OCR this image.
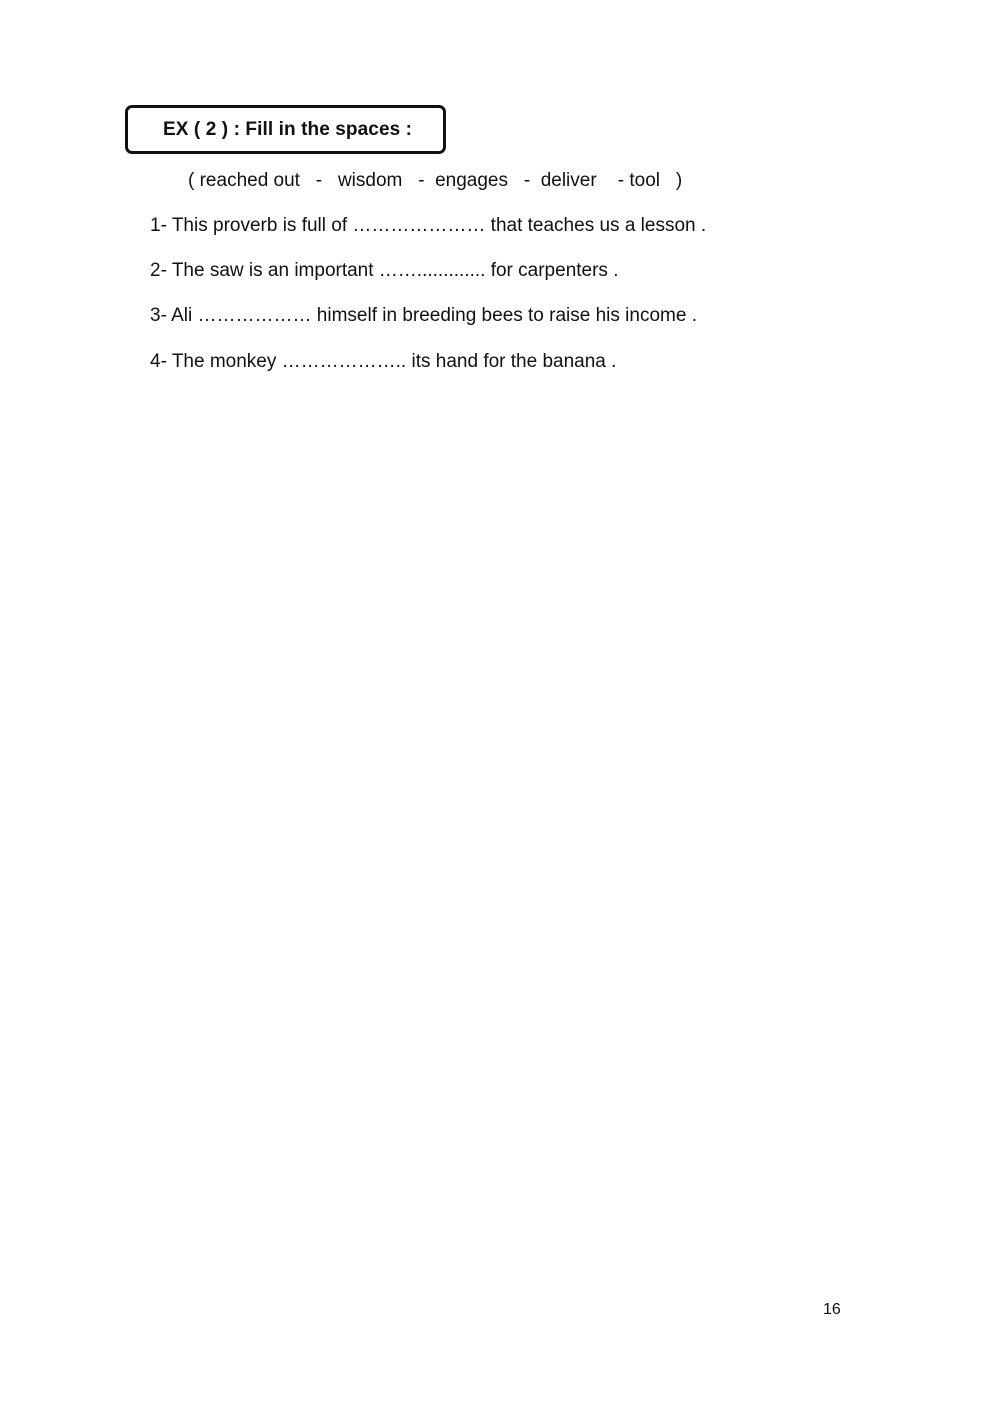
EX ( 2 ) : Fill in the spaces :
( reached out   -   wisdom   -  engages   -  deliver    - tool   )
1- This proverb is full of ………………… that teaches us a lesson .
2- The saw is an important ……............. for carpenters .
3- Ali ……………… himself in breeding bees to raise his income .
4- The monkey ……………….. its hand for the banana .
16
